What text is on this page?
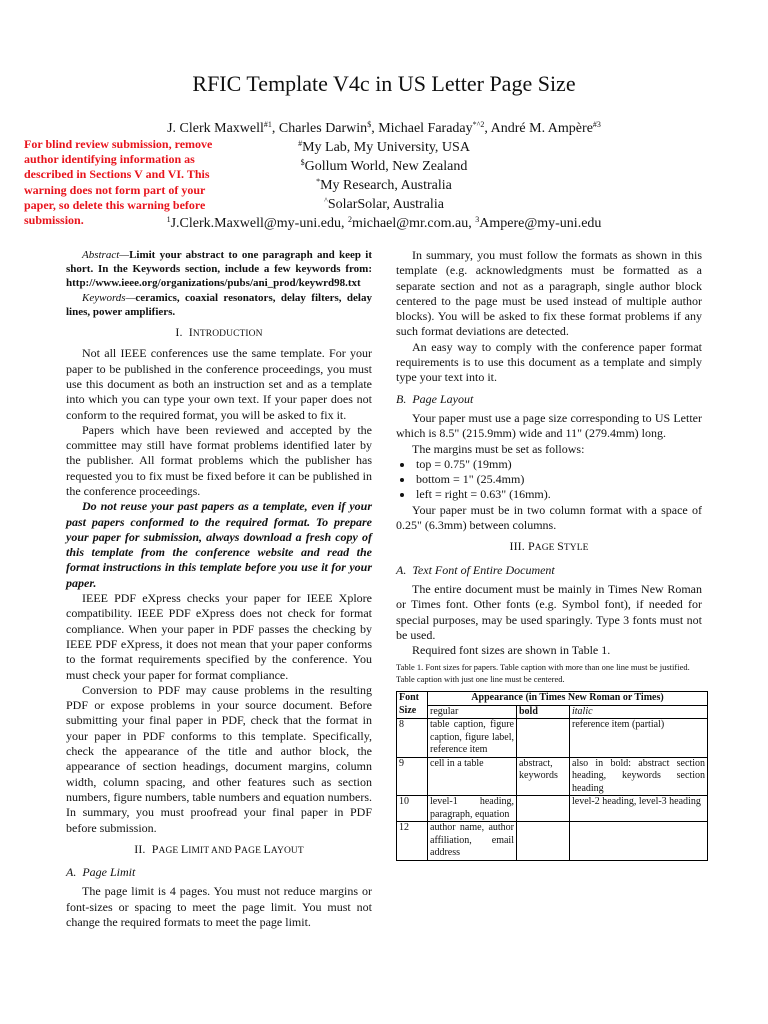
RFIC Template V4c in US Letter Page Size
J. Clerk Maxwell$^{\#1}$, Charles Darwin$, Michael Faraday$^{*\^{}2}$, André M. Ampère$^{\#3}$
#My Lab, My University, USA
$Gollum World, New Zealand
*My Research, Australia
^SolarSolar, Australia
$^1$J.Clerk.Maxwell@my-uni.edu, $^2$michael@mr.com.au, $^3$Ampere@my-uni.edu
For blind review submission, remove author identifying information as described in Sections V and VI. This warning does not form part of your paper, so delete this warning before submission.

Abstract—Limit your abstract to one paragraph and keep it short. In the Keywords section, include a few keywords from: http://www.ieee.org/organizations/pubs/ani_prod/keywrd98.txt

Keywords—ceramics, coaxial resonators, delay filters, delay lines, power amplifiers.

I. INTRODUCTION

Not all IEEE conferences use the same template. For your paper to be published in the conference proceedings, you must use this document as both an instruction set and as a template into which you can type your own text. If your paper does not conform to the required format, you will be asked to fix it.

Papers which have been reviewed and accepted by the committee may still have format problems identified later by the publisher. All format problems which the publisher has requested you to fix must be fixed before it can be published in the conference proceedings.

Do not reuse your past papers as a template, even if your past papers conformed to the required format. To prepare your paper for submission, always download a fresh copy of this template from the conference website and read the format instructions in this template before you use it for your paper.

IEEE PDF eXpress checks your paper for IEEE Xplore compatibility. IEEE PDF eXpress does not check for format compliance. When your paper in PDF passes the checking by IEEE PDF eXpress, it does not mean that your paper conforms to the format requirements specified by the conference. You must check your paper for format compliance.

Conversion to PDF may cause problems in the resulting PDF or expose problems in your source document. Before submitting your final paper in PDF, check that the format in your paper in PDF conforms to this template. Specifically, check the appearance of the title and author block, the appearance of section headings, document margins, column width, column spacing, and other features such as section numbers, figure numbers, table numbers and equation numbers. In summary, you must proofread your final paper in PDF before submission.

II. PAGE LIMIT AND PAGE LAYOUT
A. Page Limit

The page limit is 4 pages. You must not reduce margins or font-sizes or spacing to meet the page limit. You must not change the required formats to meet the page limit.

In summary, you must follow the formats as shown in this template (e.g. acknowledgments must be formatted as a separate section and not as a paragraph, single author block centered to the page must be used instead of multiple author blocks). You will be asked to fix these format problems if any such format deviations are detected.

An easy way to comply with the conference paper format requirements is to use this document as a template and simply type your text into it.

B. Page Layout

Your paper must use a page size corresponding to US Letter which is 8.5" (215.9mm) wide and 11" (279.4mm) long.

The margins must be set as follows:

• top = 0.75" (19mm)
• bottom = 1" (25.4mm)
• left = right = 0.63" (16mm).

Your paper must be in two column format with a space of 0.25" (6.3mm) between columns.

III. PAGE STYLE
A. Text Font of Entire Document

The entire document must be mainly in Times New Roman or Times font. Other fonts (e.g. Symbol font), if needed for special purposes, may be used sparingly. Type 3 fonts must not be used.

Required font sizes are shown in Table 1.

Table 1. Font sizes for papers. Table caption with more than one line must be justified. Table caption with just one line must be centered.
Font Size	Appearance (in Times New Roman or Times)		
	regular	bold	italic
8	table caption, figure caption, figure label, reference item		reference item (partial)
9	cell in a table	abstract, keywords	also in bold: abstract section heading, keywords section heading
10	level-1 heading, paragraph, equation		level-2 heading, level-3 heading
12	author name, author affiliation, email address		
